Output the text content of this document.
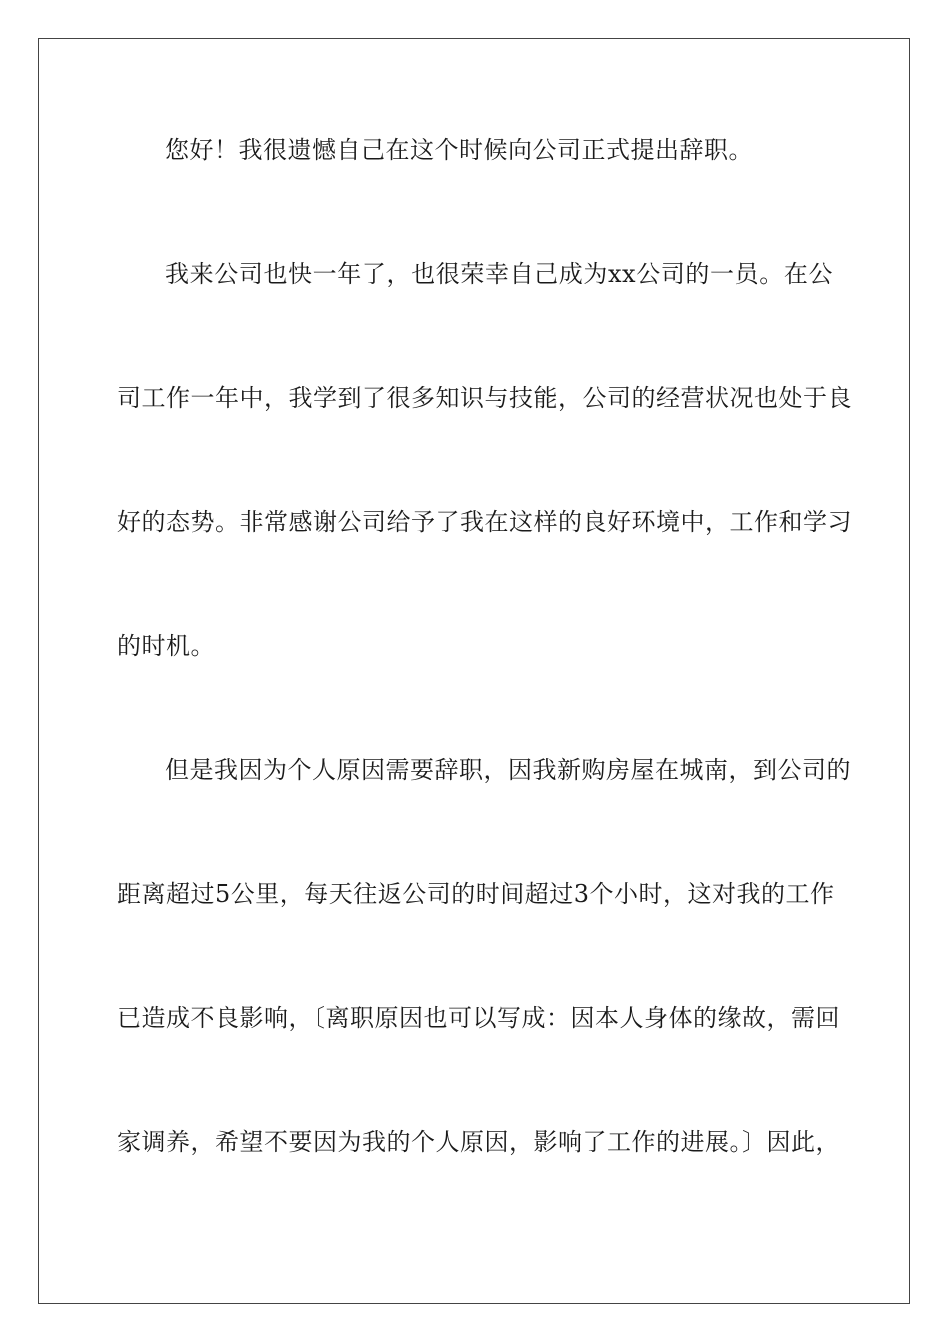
您好！我很遗憾自己在这个时候向公司正式提出辞职。
我来公司也快一年了，也很荣幸自己成为xx公司的一员。在公
司工作一年中，我学到了很多知识与技能，公司的经营状况也处于良
好的态势。非常感谢公司给予了我在这样的良好环境中，工作和学习
的时机。
但是我因为个人原因需要辞职，因我新购房屋在城南，到公司的
距离超过5公里，每天往返公司的时间超过3个小时，这对我的工作
已造成不良影响，〔离职原因也可以写成：因本人身体的缘故，需回
家调养，希望不要因为我的个人原因，影响了工作的进展。〕因此，
